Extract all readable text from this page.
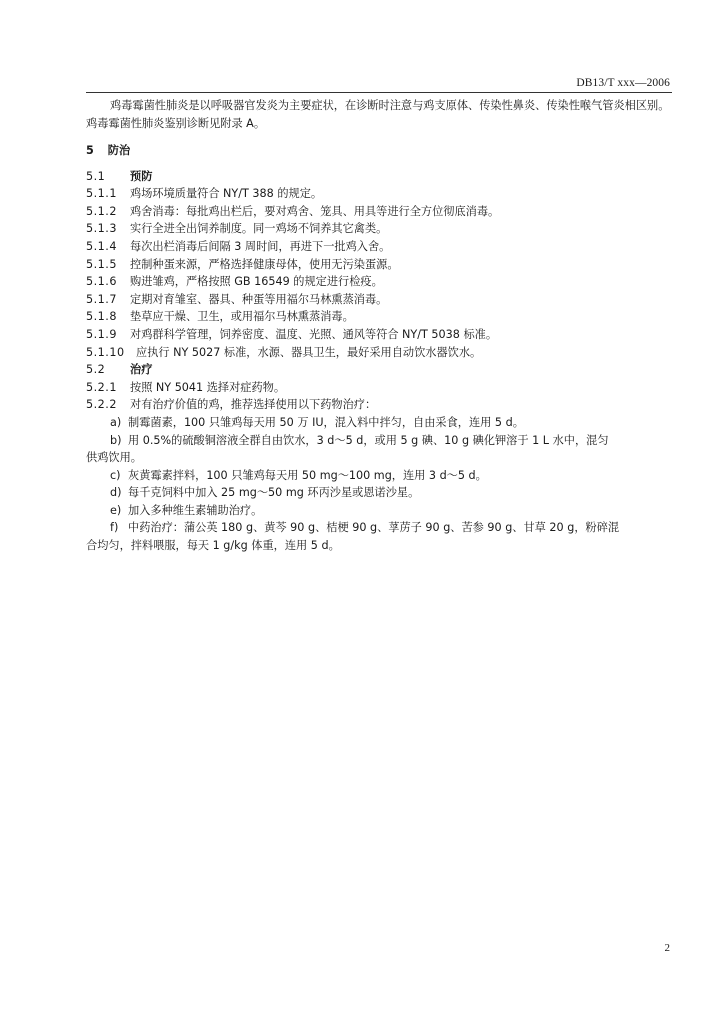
DB13/T xxx—2006

鸡毒霉菌性肺炎是以呼吸器官发炎为主要症状，在诊断时注意与鸡支原体、传染性鼻炎、传染性喉气管炎相区别。鸡毒霉菌性肺炎鉴别诊断见附录 A。

5 防治

5.1 预防

5.1.1 鸡场环境质量符合 NY/T 388 的规定。

5.1.2 鸡舍消毒：每批鸡出栏后，要对鸡舍、笼具、用具等进行全方位彻底消毒。

5.1.3 实行全进全出饲养制度。同一鸡场不饲养其它禽类。

5.1.4 每次出栏消毒后间隔 3 周时间，再进下一批鸡入舍。

5.1.5 控制种蛋来源，严格选择健康母体，使用无污染蛋源。

5.1.6 购进雏鸡，严格按照 GB 16549 的规定进行检疫。

5.1.7 定期对育雏室、器具、种蛋等用福尔马林熏蒸消毒。

5.1.8 垫草应干燥、卫生，或用福尔马林熏蒸消毒。

5.1.9 对鸡群科学管理，饲养密度、温度、光照、通风等符合 NY/T 5038 标准。

5.1.10 应执行 NY 5027 标准，水源、器具卫生，最好采用自动饮水器饮水。

5.2 治疗

5.2.1 按照 NY 5041 选择对症药物。

5.2.2 对有治疗价值的鸡，推荐选择使用以下药物治疗：

a) 制霉菌素，100 只雏鸡每天用 50 万 IU，混入料中拌匀，自由采食，连用 5 d。

b) 用 0.5%的硫酸铜溶液全群自由饮水，3 d～5 d，或用 5 g 碘、10 g 碘化钾溶于 1 L 水中，混匀

供鸡饮用。

c) 灰黄霉素拌料，100 只雏鸡每天用 50 mg～100 mg，连用 3 d～5 d。

d) 每千克饲料中加入 25 mg～50 mg 环丙沙星或恩诺沙星。

e) 加入多种维生素辅助治疗。

f) 中药治疗：蒲公英 180 g、黄芩 90 g、桔梗 90 g、莩苈子 90 g、苦参 90 g、甘草 20 g，粉碎混

合均匀，拌料喂服，每天 1 g/kg 体重，连用 5 d。

2
